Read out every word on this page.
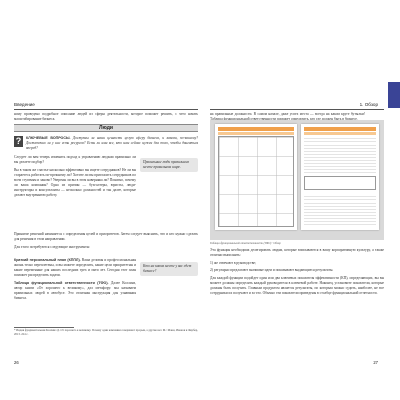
Введение

ному проведено подробное описание людей из сферы деятельности, которое поможет решить, с чего начать масштабирование бизнеса.

Люди
?	КЛЮЧЕВЫЕ ВОПРОСЫ. Доступны ли наши ценности целую сферу бизнеса, и какова, по-вашему? Достаточно ли у нас есть ресурсов? Есть ли ими все, кто нам сейчас нужен для того, чтобы двигаться вперед?

Следует ли вам теперь изменить подход к управлению людьми правильно ли вы делаете подбор?

Вы в таком же счастье насколько эффективно вы ищете сотрудников? Не ли вы стараетесь работать по-прежнему ли? Хотите ли вы пригласить сотрудников по всем ступеням и заново? Уверены ли вы в этом наверняка ли? Понятно, почему ли ваша компания? Одна из причин — бухгалтеры, юристы, люди-инструкторы и консультанты — несколько должностей и так далее, которые делают внутреннюю работу.

Правильные люди правильном месте правильном шаре.

Принятие решений начинается с определения целей и приоритетов. Затем следует выяснить, что и кто нужно сделать для решения в этом направлении.

Для этого потребуются следующие инструменты:

Краткий персональный план (КППЛ). Ваша деловая и профессиональная жизнь тесно переплетены, и вы можете определить, какие цели приоритетны и какие переменные для наших последних трех и пяти лет. Сегодня этот план поможет распределить задачи.

Таблица функциональной ответственности (ТФО). Далее Коллинз, автор книги «От хорошего к великому», дал метафору: мы называем правильных людей в автобусе. Это отличная инструкция для узнавания бизнеса.

Кто на каком месте у вас едет бизнесе?
* Индия фундментальная Коллинз Д. От хорошего к великому. Почему одни компании совершают прорыв, а другие нет. М.: Манн, Иванов и Фербер, 2013. 224 с.
26
1. Обзор

на правильные должности. В самом начале, даже успех места — всегда на каком круге бутылки!

Таблица функциональной ответственности (ТФО) · Обзор

Эта функция необходима делегировать людям, которые вписываются в вашу корпоративную культуру, а также отлично выполнять:

1) же отвечают в руководстве;

2) регулярно предлагают значимые идеи и показывают выдающиеся результаты.

Для каждой функции подойдет один или два ключевых показателя эффективности (КП), определяющих, вы вы можете должны определять каждый руководителя в ключевой работе. Наконец, установите показатели, которые должны быть получать. Главным продуктом является результаты, по которым можно судить, наиболее, не все сотрудники их получают и за что. Обычно эти показатели приведены в столбце функциональной отчетности.

27
